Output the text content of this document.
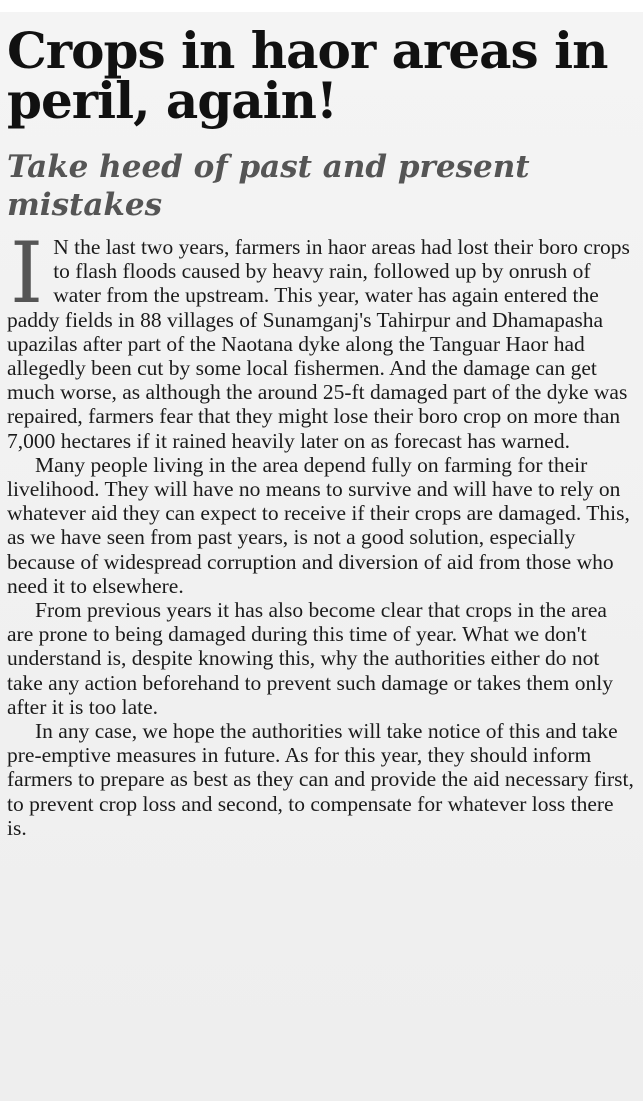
Crops in haor areas in peril, again!
Take heed of past and present mistakes

I N the last two years, farmers in haor areas had lost their boro crops to flash floods caused by heavy rain, followed up by onrush of water from the upstream. This year, water has again entered the paddy fields in 88 villages of Sunamganj's Tahirpur and Dhamapasha upazilas after part of the Naotana dyke along the Tanguar Haor had allegedly been cut by some local fishermen. And the damage can get much worse, as although the around 25-ft damaged part of the dyke was repaired, farmers fear that they might lose their boro crop on more than 7,000 hectares if it rained heavily later on as forecast has warned.

Many people living in the area depend fully on farming for their livelihood. They will have no means to survive and will have to rely on whatever aid they can expect to receive if their crops are damaged. This, as we have seen from past years, is not a good solution, especially because of widespread corruption and diversion of aid from those who need it to elsewhere.

From previous years it has also become clear that crops in the area are prone to being damaged during this time of year. What we don't understand is, despite knowing this, why the authorities either do not take any action beforehand to prevent such damage or takes them only after it is too late.

In any case, we hope the authorities will take notice of this and take pre-emptive measures in future. As for this year, they should inform farmers to prepare as best as they can and provide the aid necessary first, to prevent crop loss and second, to compensate for whatever loss there is.
